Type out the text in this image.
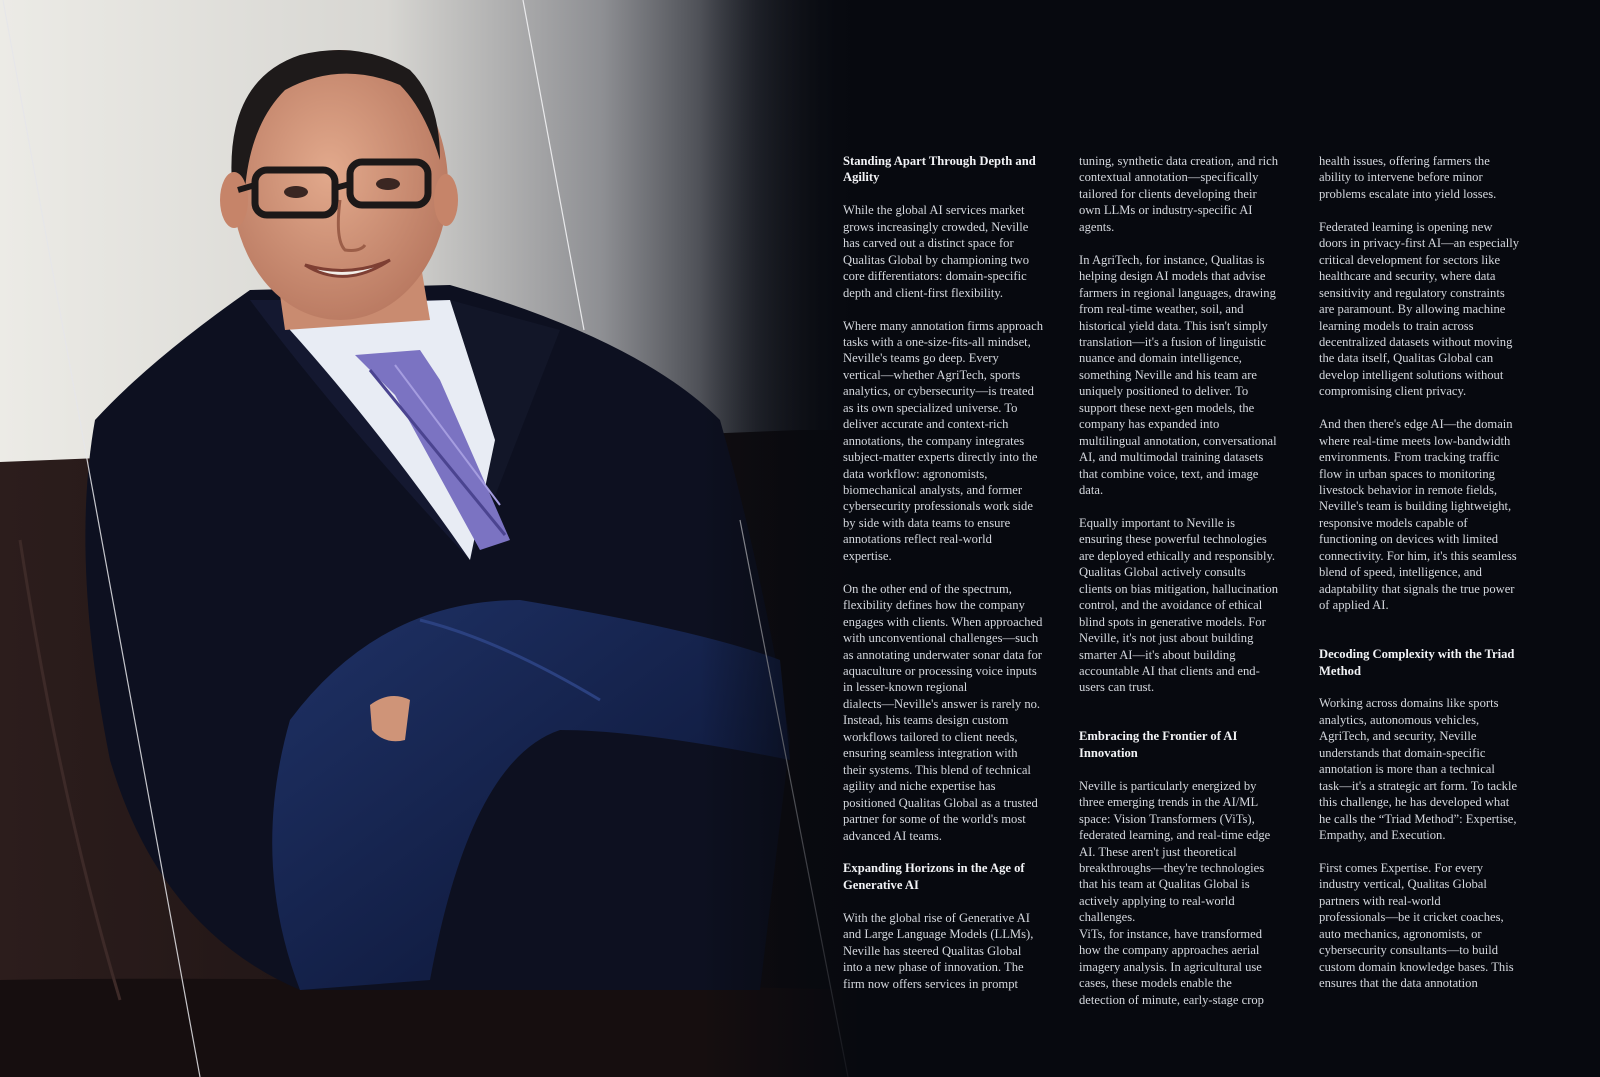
Standing Apart Through Depth and
Agility

While the global AI services market
grows increasingly crowded, Neville
has carved out a distinct space for
Qualitas Global by championing two
core differentiators: domain-specific
depth and client-first flexibility.

Where many annotation firms approach
tasks with a one-size-fits-all mindset,
Neville's teams go deep. Every
vertical—whether AgriTech, sports
analytics, or cybersecurity—is treated
as its own specialized universe. To
deliver accurate and context-rich
annotations, the company integrates
subject-matter experts directly into the
data workflow: agronomists,
biomechanical analysts, and former
cybersecurity professionals work side
by side with data teams to ensure
annotations reflect real-world
expertise.

On the other end of the spectrum,
flexibility defines how the company
engages with clients. When approached
with unconventional challenges—such
as annotating underwater sonar data for
aquaculture or processing voice inputs
in lesser-known regional
dialects—Neville's answer is rarely no.
Instead, his teams design custom
workflows tailored to client needs,
ensuring seamless integration with
their systems. This blend of technical
agility and niche expertise has
positioned Qualitas Global as a trusted
partner for some of the world's most
advanced AI teams.

Expanding Horizons in the Age of
Generative AI

With the global rise of Generative AI
and Large Language Models (LLMs),
Neville has steered Qualitas Global
into a new phase of innovation. The
firm now offers services in prompt

tuning, synthetic data creation, and rich
contextual annotation—specifically
tailored for clients developing their
own LLMs or industry-specific AI
agents.

In AgriTech, for instance, Qualitas is
helping design AI models that advise
farmers in regional languages, drawing
from real-time weather, soil, and
historical yield data. This isn't simply
translation—it's a fusion of linguistic
nuance and domain intelligence,
something Neville and his team are
uniquely positioned to deliver. To
support these next-gen models, the
company has expanded into
multilingual annotation, conversational
AI, and multimodal training datasets
that combine voice, text, and image
data.

Equally important to Neville is
ensuring these powerful technologies
are deployed ethically and responsibly.
Qualitas Global actively consults
clients on bias mitigation, hallucination
control, and the avoidance of ethical
blind spots in generative models. For
Neville, it's not just about building
smarter AI—it's about building
accountable AI that clients and end-
users can trust.

Embracing the Frontier of AI
Innovation

Neville is particularly energized by
three emerging trends in the AI/ML
space: Vision Transformers (ViTs),
federated learning, and real-time edge
AI. These aren't just theoretical
breakthroughs—they're technologies
that his team at Qualitas Global is
actively applying to real-world
challenges.

ViTs, for instance, have transformed
how the company approaches aerial
imagery analysis. In agricultural use
cases, these models enable the
detection of minute, early-stage crop

health issues, offering farmers the
ability to intervene before minor
problems escalate into yield losses.

Federated learning is opening new
doors in privacy-first AI—an especially
critical development for sectors like
healthcare and security, where data
sensitivity and regulatory constraints
are paramount. By allowing machine
learning models to train across
decentralized datasets without moving
the data itself, Qualitas Global can
develop intelligent solutions without
compromising client privacy.

And then there's edge AI—the domain
where real-time meets low-bandwidth
environments. From tracking traffic
flow in urban spaces to monitoring
livestock behavior in remote fields,
Neville's team is building lightweight,
responsive models capable of
functioning on devices with limited
connectivity. For him, it's this seamless
blend of speed, intelligence, and
adaptability that signals the true power
of applied AI.

Decoding Complexity with the Triad
Method

Working across domains like sports
analytics, autonomous vehicles,
AgriTech, and security, Neville
understands that domain-specific
annotation is more than a technical
task—it's a strategic art form. To tackle
this challenge, he has developed what
he calls the “Triad Method”: Expertise,
Empathy, and Execution.

First comes Expertise. For every
industry vertical, Qualitas Global
partners with real-world
professionals—be it cricket coaches,
auto mechanics, agronomists, or
cybersecurity consultants—to build
custom domain knowledge bases. This
ensures that the data annotation
